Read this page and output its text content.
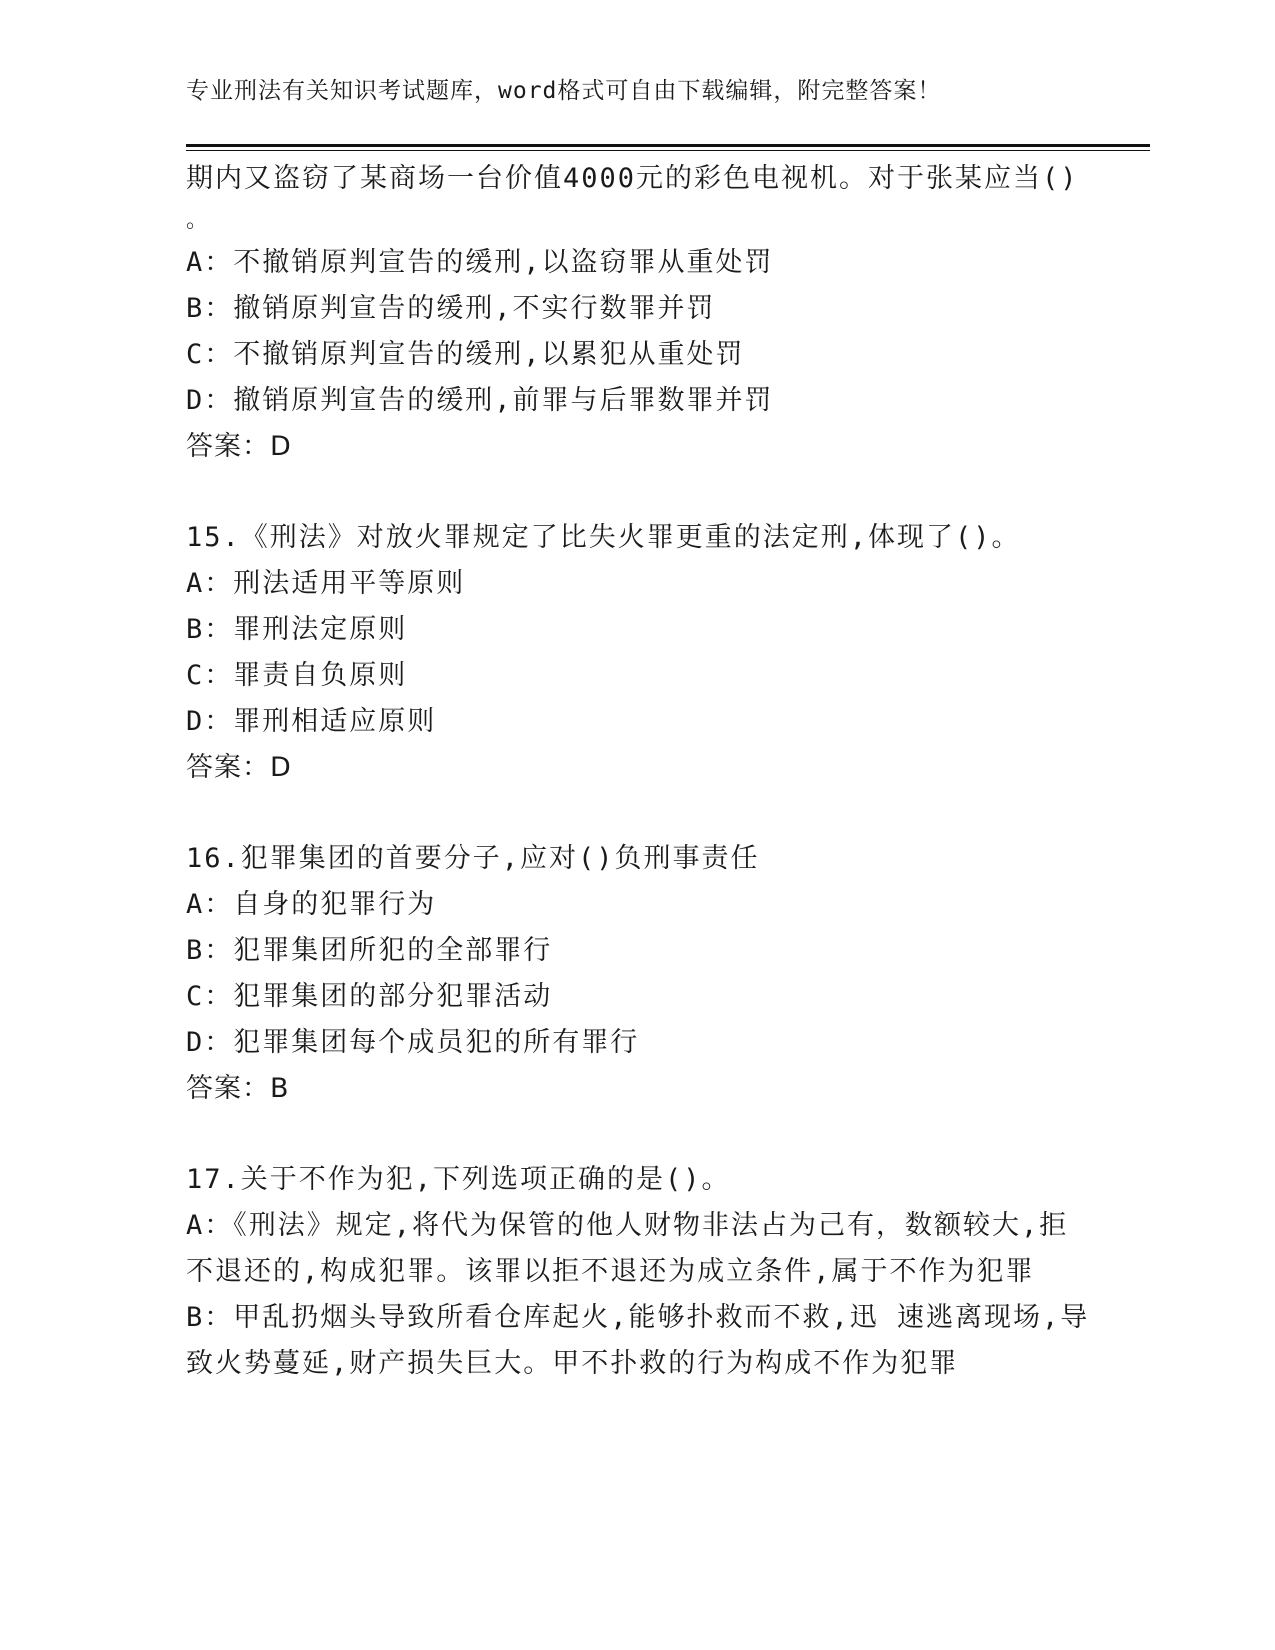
专业刑法有关知识考试题库，word格式可自由下载编辑，附完整答案！
期内又盗窃了某商场一台价值4000元的彩色电视机。对于张某应当()
。
A：不撤销原判宣告的缓刑,以盗窃罪从重处罚
B：撤销原判宣告的缓刑,不实行数罪并罚
C：不撤销原判宣告的缓刑,以累犯从重处罚
D：撤销原判宣告的缓刑,前罪与后罪数罪并罚
答案：D
15.《刑法》对放火罪规定了比失火罪更重的法定刑,体现了()。
A：刑法适用平等原则
B：罪刑法定原则
C：罪责自负原则
D：罪刑相适应原则
答案：D
16.犯罪集团的首要分子,应对()负刑事责任
A：自身的犯罪行为
B：犯罪集团所犯的全部罪行
C：犯罪集团的部分犯罪活动
D：犯罪集团每个成员犯的所有罪行
答案：B
17.关于不作为犯,下列选项正确的是()。
A：《刑法》规定,将代为保管的他人财物非法占为己有，数额较大,拒
不退还的,构成犯罪。该罪以拒不退还为成立条件,属于不作为犯罪
B：甲乱扔烟头导致所看仓库起火,能够扑救而不救,迅 速逃离现场,导
致火势蔓延,财产损失巨大。甲不扑救的行为构成不作为犯罪
